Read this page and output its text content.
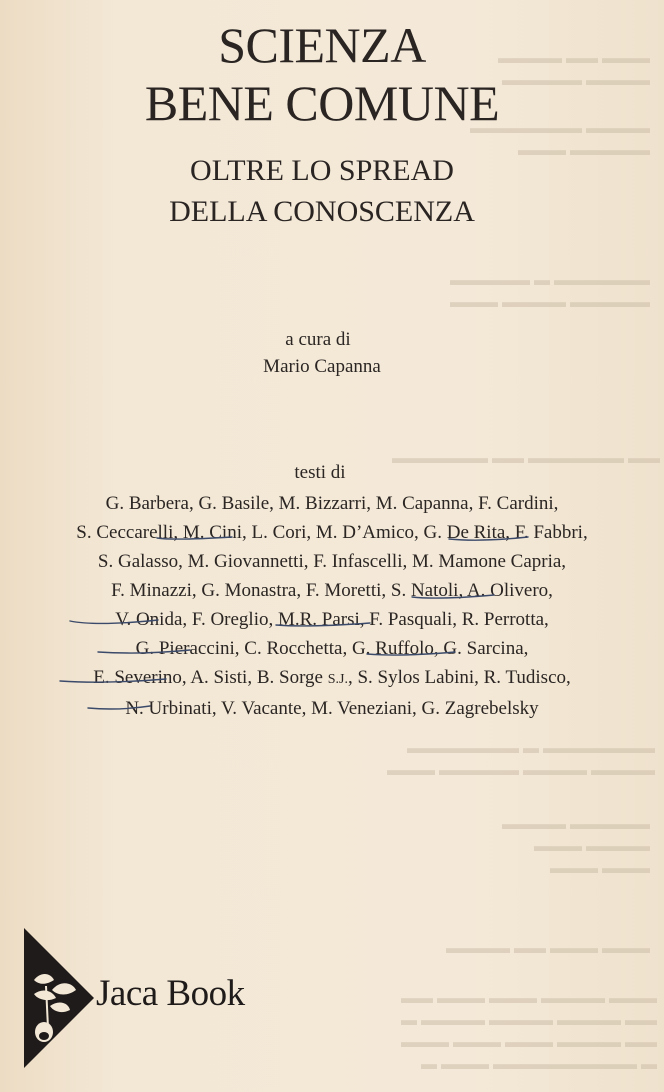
▬▬▬ ▬▬ ▬▬▬▬
▬▬▬▬ ▬▬▬▬▬
▬▬▬▬ ▬▬▬▬▬▬▬
▬▬▬▬▬ ▬▬▬
▬▬▬▬▬▬ ▬ ▬▬▬▬▬
▬▬▬▬▬ ▬▬▬▬ ▬▬▬
▬▬ ▬▬▬▬▬▬ ▬▬ ▬▬▬▬▬▬
▬▬▬▬▬▬▬ ▬ ▬▬▬▬▬▬▬
▬▬▬▬ ▬▬▬▬ ▬▬▬▬▬ ▬▬▬
▬▬▬▬▬ ▬▬▬▬
▬▬▬▬ ▬▬▬
▬▬▬ ▬▬▬
▬▬▬ ▬▬▬ ▬▬ ▬▬▬▬
▬▬▬ ▬▬▬▬ ▬▬▬ ▬▬▬ ▬▬
▬▬ ▬▬▬▬ ▬▬▬▬ ▬▬▬▬ ▬
▬▬ ▬▬▬▬ ▬▬▬ ▬▬▬ ▬▬▬
▬ ▬▬▬▬▬▬▬▬▬ ▬▬▬ ▬
SCIENZA
BENE COMUNE
OLTRE LO SPREAD
DELLA CONOSCENZA
a cura di
Mario Capanna
testi di
G. Barbera, G. Basile, M. Bizzarri, M. Capanna, F. Cardini,
S. Ceccarelli, M. Cini, L. Cori, M. D’Amico, G. De Rita, F. Fabbri,
S. Galasso, M. Giovannetti, F. Infascelli, M. Mamone Capria,
F. Minazzi, G. Monastra, F. Moretti, S. Natoli, A. Olivero,
V. Onida, F. Oreglio, M.R. Parsi, F. Pasquali, R. Perrotta,
G. Pieraccini, C. Rocchetta, G. Ruffolo, G. Sarcina,
E. Severino, A. Sisti, B. Sorge S.J., S. Sylos Labini, R. Tudisco,
N. Urbinati, V. Vacante, M. Veneziani, G. Zagrebelsky
Jaca Book
